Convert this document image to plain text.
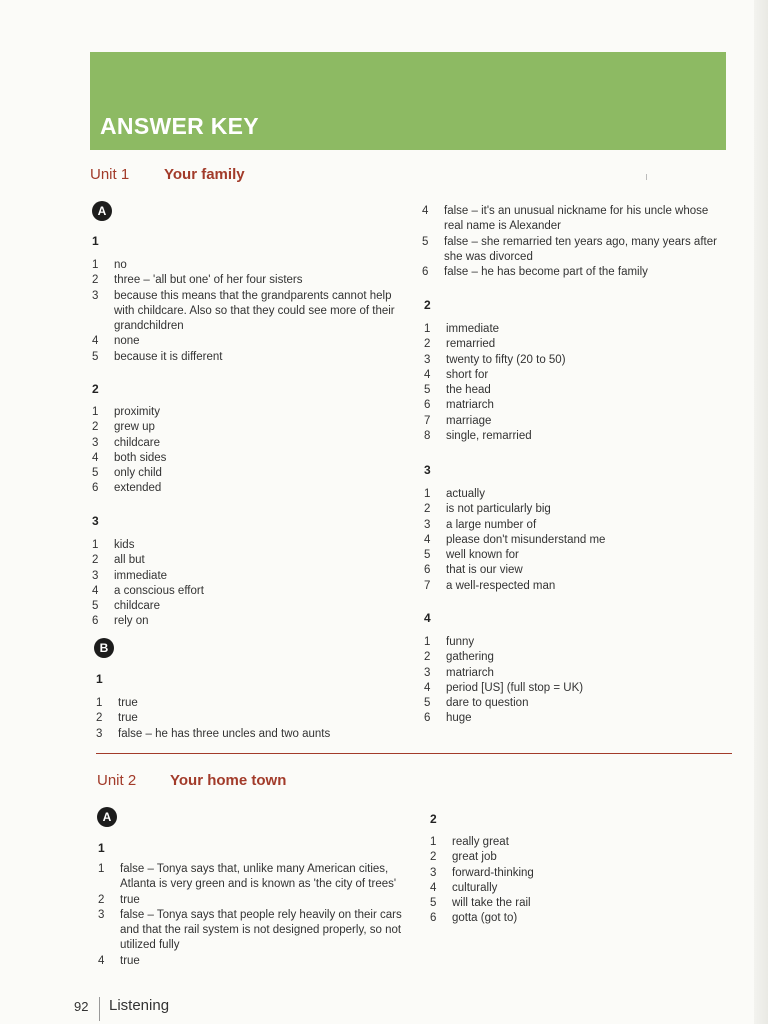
ANSWER KEY
Unit 1 Your family
A
1
1	no
2	three – 'all but one' of her four sisters
3	because this means that the grandparents cannot help with childcare. Also so that they could see more of their grandchildren
4	none
5	because it is different
2
1	proximity
2	grew up
3	childcare
4	both sides
5	only child
6	extended
3
1	kids
2	all but
3	immediate
4	a conscious effort
5	childcare
6	rely on
B
1
1	true
2	true
3	false – he has three uncles and two aunts
4	false – it's an unusual nickname for his uncle whose real name is Alexander
5	false – she remarried ten years ago, many years after she was divorced
6	false – he has become part of the family
2
1	immediate
2	remarried
3	twenty to fifty (20 to 50)
4	short for
5	the head
6	matriarch
7	marriage
8	single, remarried
3
1	actually
2	is not particularly big
3	a large number of
4	please don't misunderstand me
5	well known for
6	that is our view
7	a well-respected man
4
1	funny
2	gathering
3	matriarch
4	period [US] (full stop = UK)
5	dare to question
6	huge
Unit 2 Your home town
A
1
1	false – Tonya says that, unlike many American cities, Atlanta is very green and is known as 'the city of trees'
2	true
3	false – Tonya says that people rely heavily on their cars and that the rail system is not designed properly, so not utilized fully
4	true
2
1	really great
2	great job
3	forward-thinking
4	culturally
5	will take the rail
6	gotta (got to)
92 Listening
